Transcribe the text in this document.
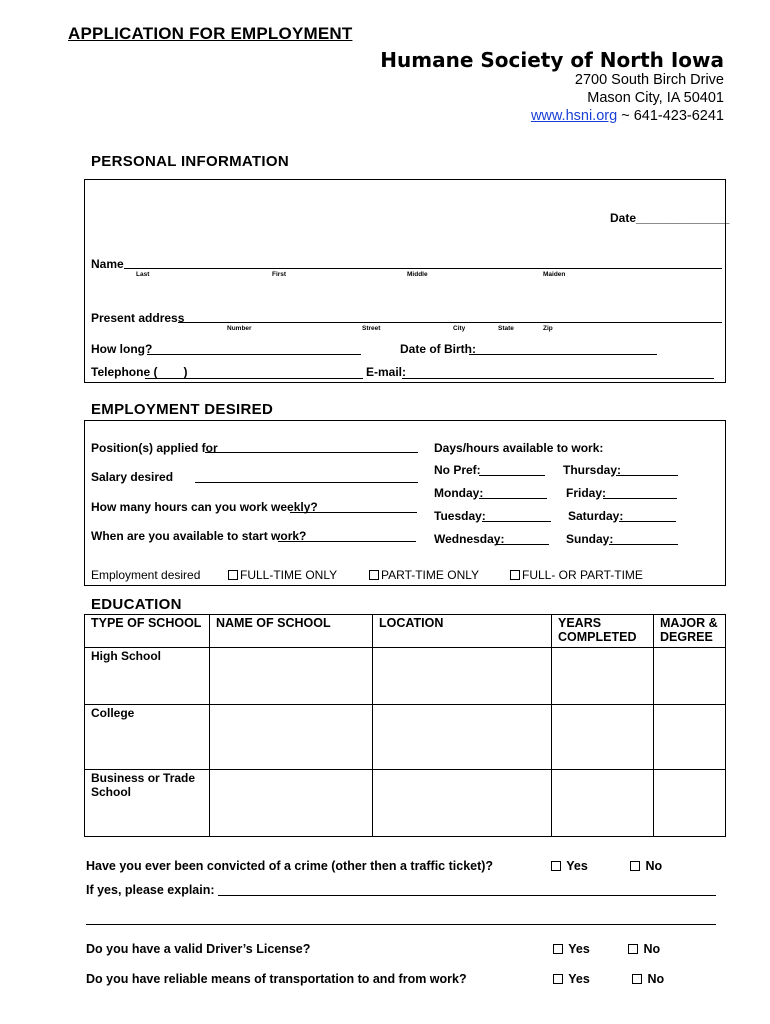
APPLICATION FOR EMPLOYMENT
Humane Society of North Iowa
2700 South Birch Drive
Mason City, IA 50401
www.hsni.org ~ 641-423-6241
PERSONAL INFORMATION
Date______________
Name
Last	First	Middle	Maiden
Present address
Number	Street	City	State	Zip
How long?	Date of Birth:
Telephone ( )	E-mail:
EMPLOYMENT DESIRED
Position(s) applied for
Salary desired
How many hours can you work weekly?
When are you available to start work?
Days/hours available to work:
No Pref:	Thursday:
Monday:	Friday:
Tuesday:	Saturday:
Wednesday:	Sunday:
Employment desired	FULL-TIME ONLY	PART-TIME ONLY	FULL- OR PART-TIME
EDUCATION
TYPE OF SCHOOL	NAME OF SCHOOL	LOCATION	YEARS COMPLETED	MAJOR & DEGREE
High School				
College				
Business or Trade School				
Have you ever been convicted of a crime (other then a traffic ticket)?	Yes	No
If yes, please explain:
Do you have a valid Driver’s License?	Yes	No
Do you have reliable means of transportation to and from work?	Yes	No
